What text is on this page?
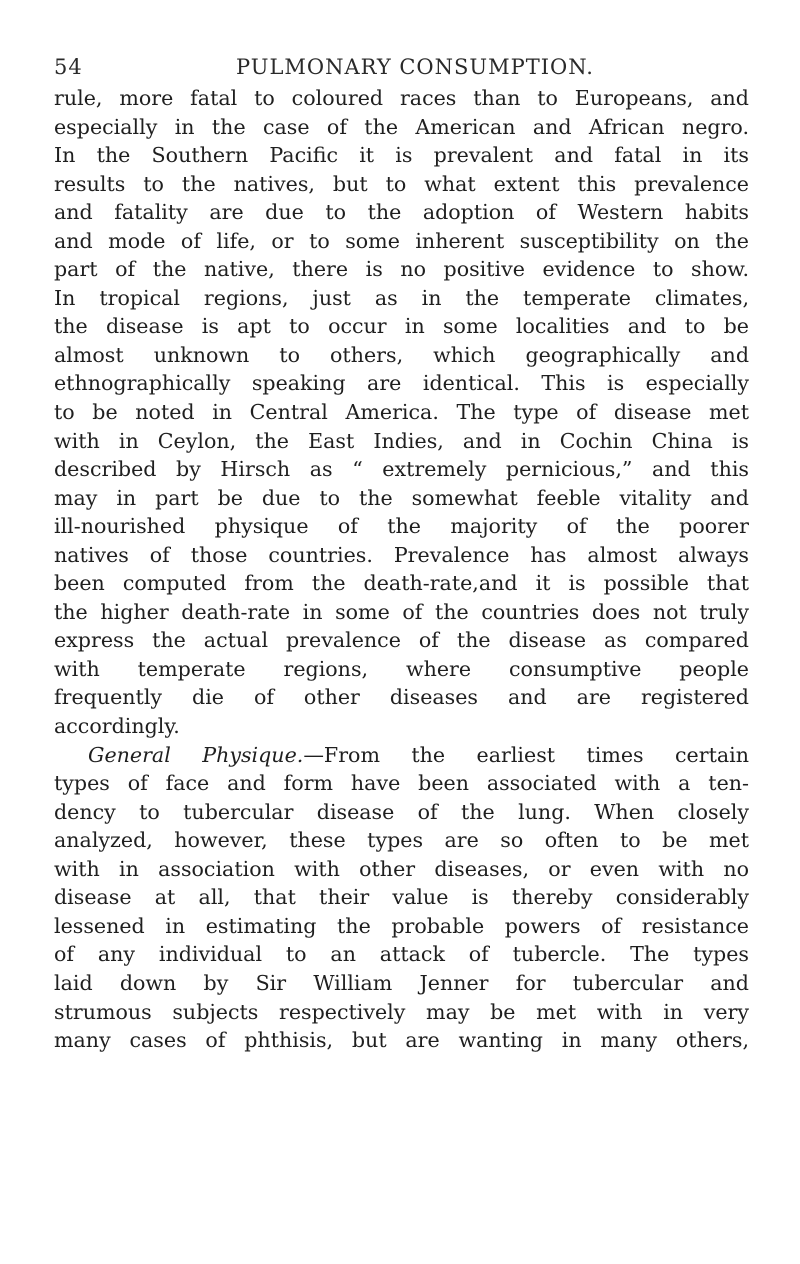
54	PULMONARY CONSUMPTION.
rule, more fatal to coloured races than to Europeans, and
especially in the case of the American and African negro.
In the Southern Pacific it is prevalent and fatal in its
results to the natives, but to what extent this prevalence
and fatality are due to the adoption of Western habits
and mode of life, or to some inherent susceptibility on the
part of the native, there is no positive evidence to show.
In tropical regions, just as in the temperate climates,
the disease is apt to occur in some localities and to be
almost unknown to others, which geographically and
ethnographically speaking are identical. This is especially
to be noted in Central America. The type of disease met
with in Ceylon, the East Indies, and in Cochin China is
described by Hirsch as “ extremely pernicious,” and this
may in part be due to the somewhat feeble vitality and
ill-nourished physique of the majority of the poorer
natives of those countries. Prevalence has almost always
been computed from the death-rate,and it is possible that
the higher death-rate in some of the countries does not truly
express the actual prevalence of the disease as compared
with temperate regions, where consumptive people
frequently die of other diseases and are registered
accordingly.
General Physique.—From the earliest times certain
types of face and form have been associated with a ten-
dency to tubercular disease of the lung. When closely
analyzed, however, these types are so often to be met
with in association with other diseases, or even with no
disease at all, that their value is thereby considerably
lessened in estimating the probable powers of resistance
of any individual to an attack of tubercle. The types
laid down by Sir William Jenner for tubercular and
strumous subjects respectively may be met with in very
many cases of phthisis, but are wanting in many others,
